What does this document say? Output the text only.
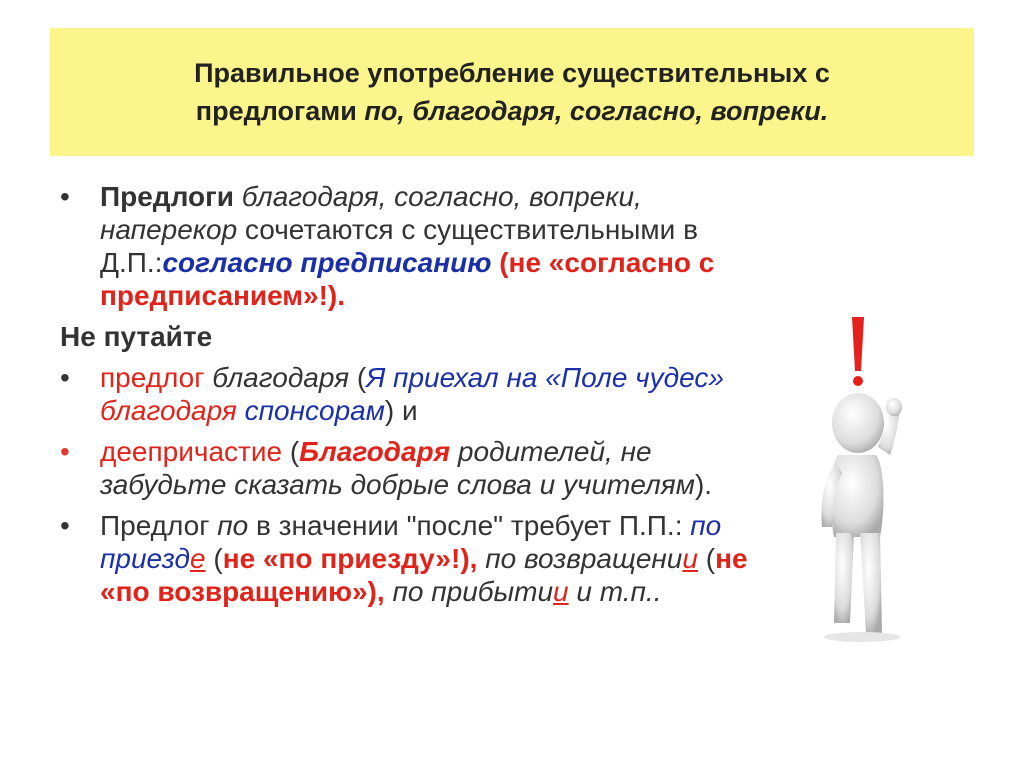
Правильное употребление существительных с
предлогами по, благодаря, согласно, вопреки.
• Предлоги благодаря, согласно, вопреки, наперекор сочетаются с существительными в Д.П.:согласно предписанию (не «согласно с предписанием»!).
Не путайте
• предлог благодаря (Я приехал на «Поле чудес» благодаря спонсорам) и
• деепричастие (Благодаря родителей, не забудьте сказать добрые слова и учителям).
• Предлог по в значении "после" требует П.П.: по приезде (не «по приезду»!), по возвращении (не «по возвращению»), по прибытии и т.п..
